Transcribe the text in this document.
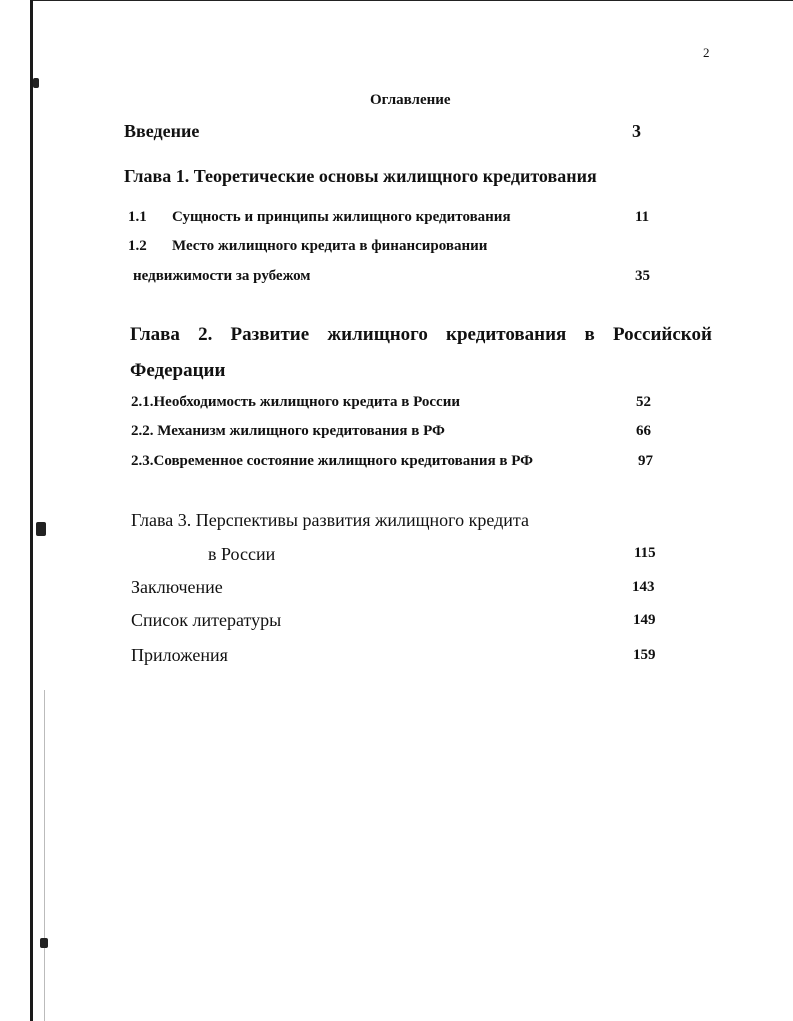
2
Оглавление
Введение	3
Глава 1. Теоретические основы жилищного кредитования
1.1 Сущность и принципы жилищного кредитования	11
1.2 Место жилищного кредита в финансировании
недвижимости за рубежом	35
Глава 2. Развитие жилищного кредитования в Российской
Федерации
2.1.Необходимость жилищного кредита в России	52
2.2. Механизм жилищного кредитования в РФ	66
2.3.Современное состояние жилищного кредитования в РФ	97
Глава 3. Перспективы развития жилищного кредита
в России	115
Заключение	143
Список литературы	149
Приложения	159
